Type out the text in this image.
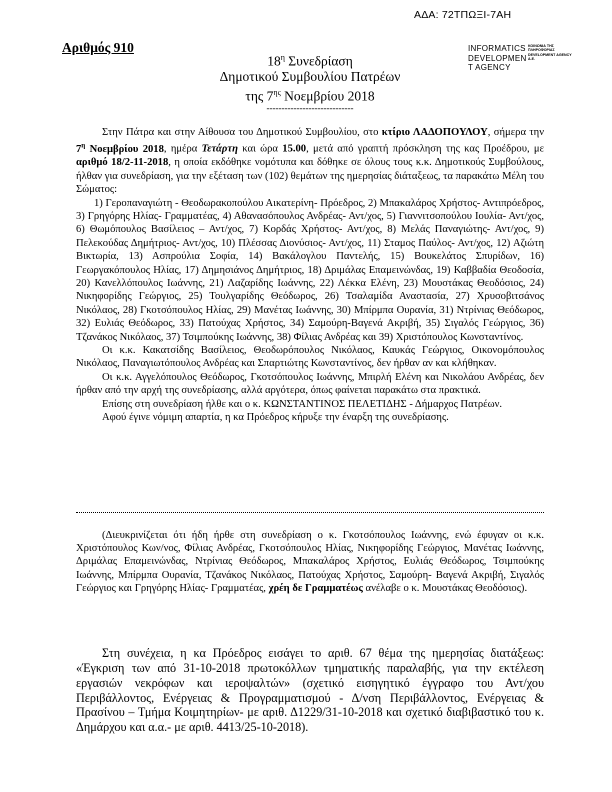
ΑΔΑ: 72ΤΠΩΞΙ-7ΑΗ
Αριθμός 910	INFORMATICS
DEVELOPMEN
T AGENCY
ΚΟΙΝΩΝΙΑ ΤΗΣ
ΠΛΗΡΟΦΟΡΙΑΣ
DEVELOPMENT AGENCY
Α.Ε.
$18^\eta$ Συνεδρίαση
Δημοτικού Συμβουλίου Πατρέων
της $7^{\eta\varsigma}$ Νοεμβρίου 2018
-----------------------------

Στην Πάτρα και στην Αίθουσα του Δημοτικού Συμβουλίου, στο κτίριο ΛΑΔΟΠΟΥΛΟΥ, σήμερα την $7^\eta$ Νοεμβρίου 2018, ημέρα Τετάρτη και ώρα 15.00, μετά από γραπτή πρόσκληση της κας Προέδρου, με αριθμό 18/2-11-2018, η οποία εκδόθηκε νομότυπα και δόθηκε σε όλους τους κ.κ. Δημοτικούς Συμβούλους, ήλθαν για συνεδρίαση, για την εξέταση των (102) θεμάτων της ημερησίας διάταξεως, τα παρακάτω Μέλη του Σώματος:

1) Γεροπαναγιώτη - Θεοδωρακοπούλου Αικατερίνη- Πρόεδρος, 2) Μπακαλάρος Χρήστος- Αντιπρόεδρος, 3) Γρηγόρης Ηλίας- Γραμματέας, 4) Αθανασόπουλος Ανδρέας- Αντ/χος, 5) Γιαννιτσοπούλου Ιουλία- Αντ/χος, 6) Θωμόπουλος Βασίλειος – Αντ/χος, 7) Κορδάς Χρήστος- Αντ/χος, 8) Μελάς Παναγιώτης- Αντ/χος, 9) Πελεκούδας Δημήτριος- Αντ/χος, 10) Πλέσσας Διονύσιος- Αντ/χος, 11) Σταμος Παύλος- Αντ/χος, 12) Αζιώτη Βικτωρία, 13) Ασπρούλια Σοφία, 14) Βακάλογλου Παντελής, 15) Βουκελάτος Σπυρίδων, 16) Γεωργακόπουλος Ηλίας, 17) Δημησιάνος Δημήτριος, 18) Δριμάλας Επαμεινώνδας, 19) Καββαδία Θεοδοσία, 20) Κανελλόπουλος Ιωάννης, 21) Λαζαρίδης Ιωάννης, 22) Λέκκα Ελένη, 23) Μουστάκας Θεοδόσιος, 24) Νικηφορίδης Γεώργιος, 25) Τουλγαρίδης Θεόδωρος, 26) Τσαλαμίδα Αναστασία, 27) Χρυσοβιτσάνος Νικόλαος, 28) Γκοτσόπουλος Ηλίας, 29) Μανέτας Ιωάννης, 30) Μπίρμπα Ουρανία, 31) Ντρίνιας Θεόδωρος, 32) Ευλιάς Θεόδωρος, 33) Πατούχας Χρήστος, 34) Σαμούρη-Βαγενά Ακριβή, 35) Σιγαλός Γεώργιος, 36) Τζανάκος Νικόλαος, 37) Τσιμπούκης Ιωάννης, 38) Φίλιας Ανδρέας και 39) Χριστόπουλος Κωνσταντίνος.

Οι κ.κ. Κακατσίδης Βασίλειος, Θεοδωρόπουλος Νικόλαος, Καυκάς Γεώργιος, Οικονομόπουλος Νικόλαος, Παναγιωτόπουλος Ανδρέας και Σπαρτιώτης Κωνσταντίνος, δεν ήρθαν αν και κλήθηκαν.

Οι κ.κ. Αγγελόπουλος Θεόδωρος, Γκοτσόπουλος Ιωάννης, Μπιρλή Ελένη και Νικολάου Ανδρέας, δεν ήρθαν από την αρχή της συνεδρίασης, αλλά αργότερα, όπως φαίνεται παρακάτω στα πρακτικά.

Επίσης στη συνεδρίαση ήλθε και ο κ. ΚΩΝΣΤΑΝΤΙΝΟΣ ΠΕΛΕΤΙΔΗΣ - Δήμαρχος Πατρέων.

Αφού έγινε νόμιμη απαρτία, η κα Πρόεδρος κήρυξε την έναρξη της συνεδρίασης.

(Διευκρινίζεται ότι ήδη ήρθε στη συνεδρίαση ο κ. Γκοτσόπουλος Ιωάννης, ενώ έφυγαν οι κ.κ. Χριστόπουλος Κων/νος, Φίλιας Ανδρέας, Γκοτσόπουλος Ηλίας, Νικηφορίδης Γεώργιος, Μανέτας Ιωάννης, Δριμάλας Επαμεινώνδας, Ντρίνιας Θεόδωρος, Μπακαλάρος Χρήστος, Ευλιάς Θεόδωρος, Τσιμπούκης Ιωάννης, Μπίρμπα Ουρανία, Τζανάκος Νικόλαος, Πατούχας Χρήστος, Σαμούρη- Βαγενά Ακριβή, Σιγαλός Γεώργιος και Γρηγόρης Ηλίας- Γραμματέας, χρέη δε Γραμματέως ανέλαβε ο κ. Μουστάκας Θεοδόσιος).

Στη συνέχεια, η κα Πρόεδρος εισάγει το αριθ. 67 θέμα της ημερησίας διατάξεως: «Έγκριση των από 31-10-2018 πρωτοκόλλων τμηματικής παραλαβής, για την εκτέλεση εργασιών νεκρόφων και ιεροψαλτών» (σχετικό εισηγητικό έγγραφο του Αντ/χου Περιβάλλοντος, Ενέργειας & Προγραμματισμού - Δ/νση Περιβάλλοντος, Ενέργειας & Πρασίνου – Τμήμα Κοιμητηρίων- με αριθ. Δ1229/31-10-2018 και σχετικό διαβιβαστικό του κ. Δημάρχου και α.α.- με αριθ. 4413/25-10-2018).
